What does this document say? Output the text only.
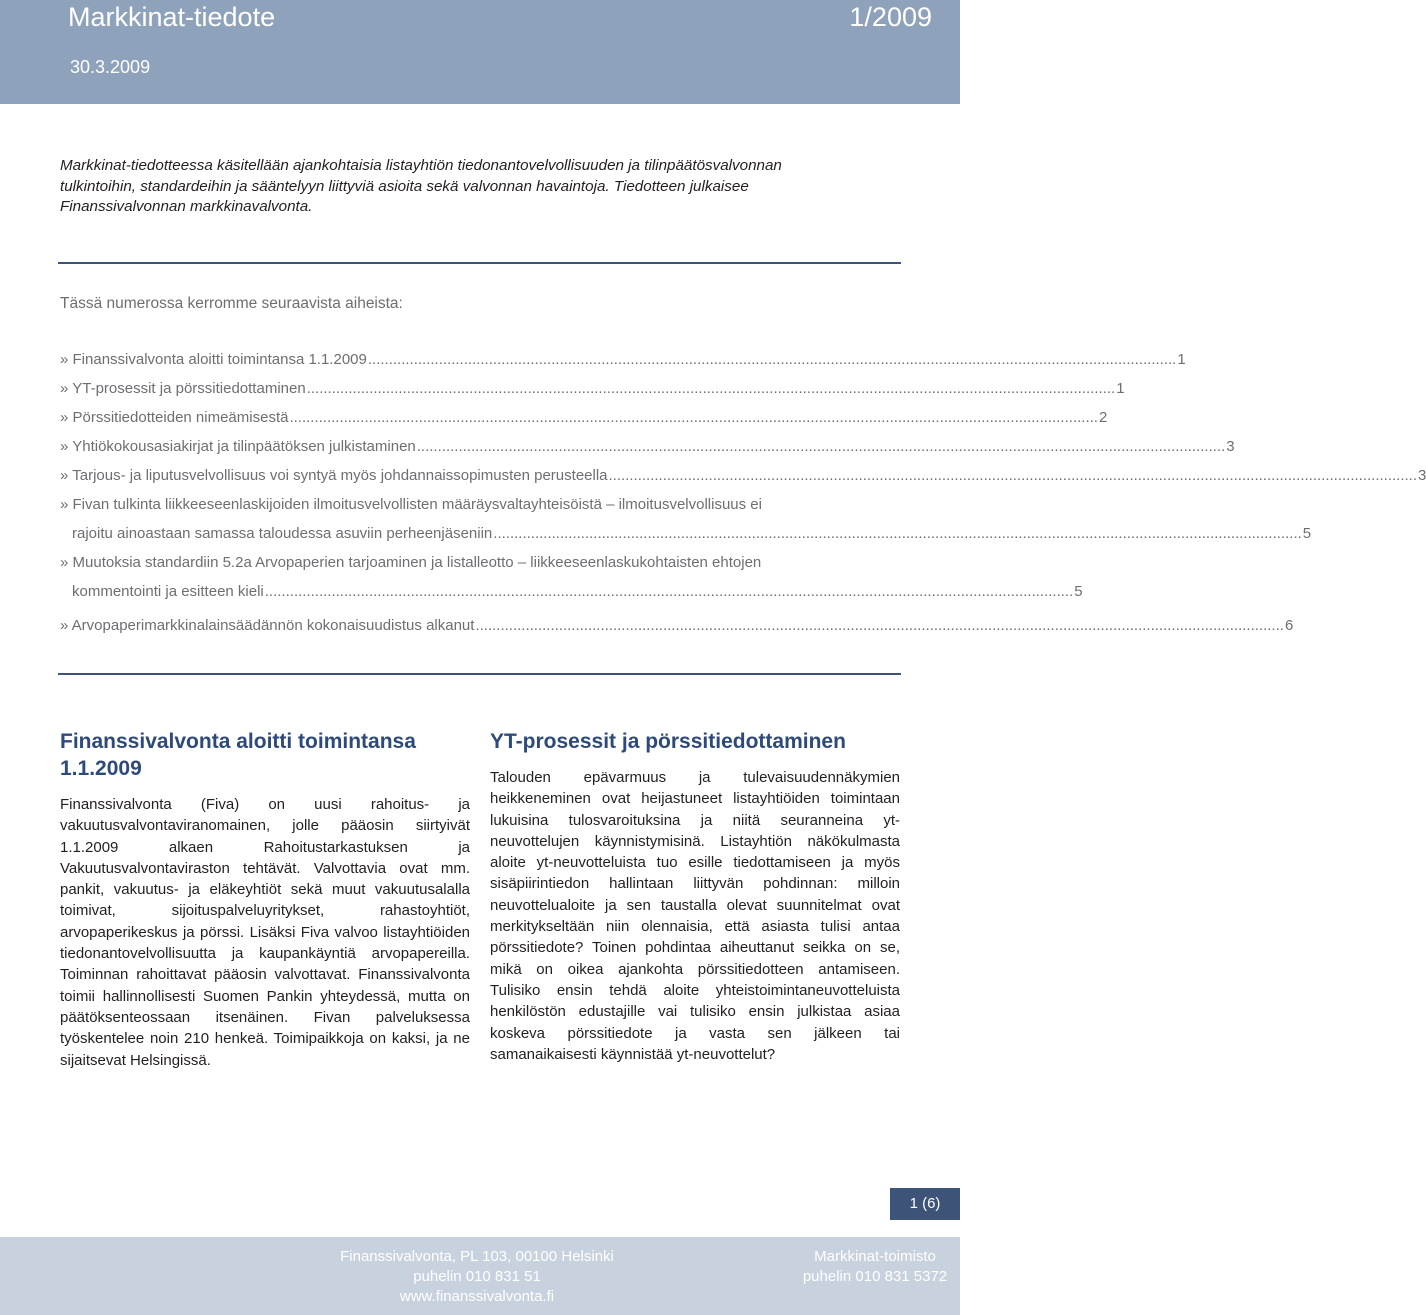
Markkinat-tiedote	1/2009
30.3.2009
Markkinat-tiedotteessa käsitellään ajankohtaisia listayhtiön tiedonantovelvollisuuden ja tilinpäätösvalvonnan tulkintoihin, standardeihin ja sääntelyyn liittyviä asioita sekä valvonnan havaintoja. Tiedotteen julkaisee Finanssivalvonnan markkinavalvonta.
Tässä numerossa kerromme seuraavista aiheista:
» Finanssivalvonta aloitti toimintansa 1.1.2009 .................................................................................................................................................................................................. 1
» YT-prosessit ja pörssitiedottaminen .................................................................................................................................................................................................. 1
» Pörssitiedotteiden nimeämisestä .................................................................................................................................................................................................. 2
» Yhtiökokousasiakirjat ja tilinpäätöksen julkistaminen .................................................................................................................................................................................................. 3
» Tarjous- ja liputusvelvollisuus voi syntyä myös johdannaissopimusten perusteella .................................................................................................................................................................................................. 3
» Fivan tulkinta liikkeeseenlaskijoiden ilmoitusvelvollisten määräysvaltayhteisöistä – ilmoitusvelvollisuus ei
rajoitu ainoastaan samassa taloudessa asuviin perheenjäseniin .................................................................................................................................................................................................. 5
» Muutoksia standardiin 5.2a Arvopaperien tarjoaminen ja listalleotto – liikkeeseenlaskukohtaisten ehtojen
kommentointi ja esitteen kieli .................................................................................................................................................................................................. 5
» Arvopaperimarkkinalainsäädännön kokonaisuudistus alkanut .................................................................................................................................................................................................. 6
Finanssivalvonta aloitti toimintansa 1.1.2009

Finanssivalvonta (Fiva) on uusi rahoitus- ja vakuutusvalvontaviranomainen, jolle pääosin siirtyivät 1.1.2009 alkaen Rahoitustarkastuksen ja Vakuutusvalvontaviraston tehtävät. Valvottavia ovat mm. pankit, vakuutus- ja eläkeyhtiöt sekä muut vakuutusalalla toimivat, sijoituspalveluyritykset, rahastoyhtiöt, arvopaperikeskus ja pörssi. Lisäksi Fiva valvoo listayhtiöiden tiedonantovelvollisuutta ja kaupankäyntiä arvopapereilla. Toiminnan rahoittavat pääosin valvottavat. Finanssivalvonta toimii hallinnollisesti Suomen Pankin yhteydessä, mutta on päätöksenteossaan itsenäinen. Fivan palveluksessa työskentelee noin 210 henkeä. Toimipaikkoja on kaksi, ja ne sijaitsevat Helsingissä.

YT-prosessit ja pörssitiedottaminen

Talouden epävarmuus ja tulevaisuudennäkymien heikkeneminen ovat heijastuneet listayhtiöiden toimintaan lukuisina tulosvaroituksina ja niitä seuranneina yt-neuvottelujen käynnistymisinä. Listayhtiön näkökulmasta aloite yt-neuvotteluista tuo esille tiedottamiseen ja myös sisäpiirintiedon hallintaan liittyvän pohdinnan: milloin neuvottelualoite ja sen taustalla olevat suunnitelmat ovat merkitykseltään niin olennaisia, että asiasta tulisi antaa pörssitiedote? Toinen pohdintaa aiheuttanut seikka on se, mikä on oikea ajankohta pörssitiedotteen antamiseen. Tulisiko ensin tehdä aloite yhteistoimintaneuvotteluista henkilöstön edustajille vai tulisiko ensin julkistaa asiaa koskeva pörssitiedote ja vasta sen jälkeen tai samanaikaisesti käynnistää yt-neuvottelut?

1 (6)
Finanssivalvonta, PL 103, 00100 Helsinki
puhelin 010 831 51
www.finanssivalvonta.fi
Markkinat-toimisto
puhelin 010 831 5372
